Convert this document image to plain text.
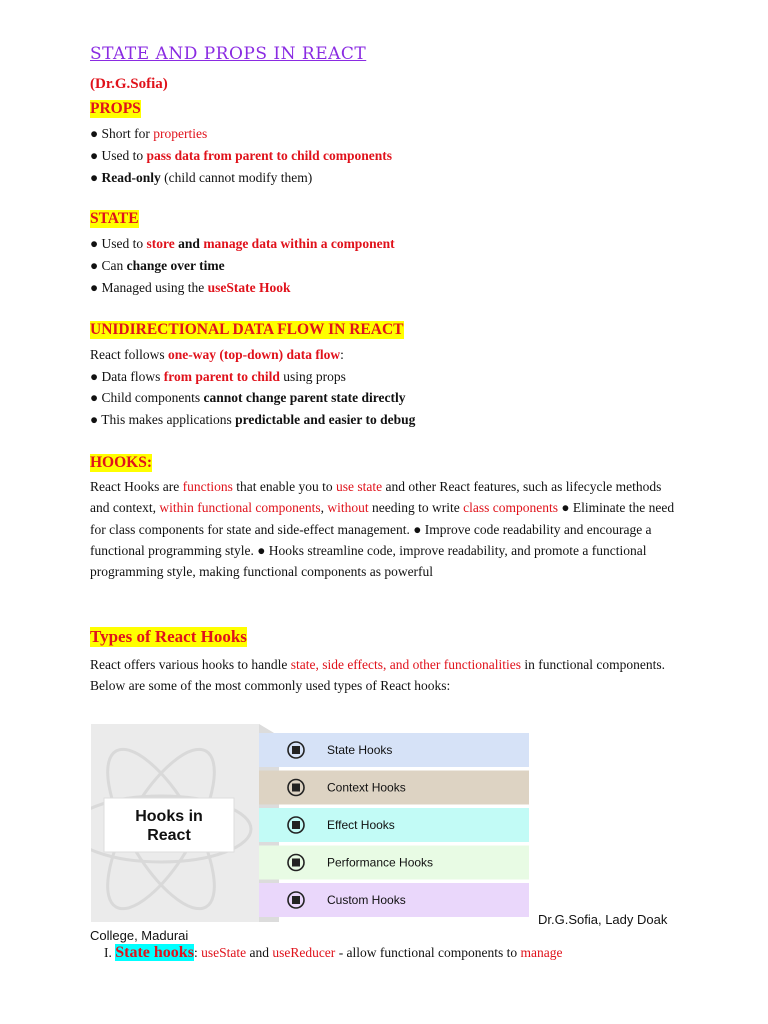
STATE AND PROPS IN REACT
(Dr.G.Sofia)
PROPS
● Short for properties
● Used to pass data from parent to child components
● Read-only (child cannot modify them)
STATE
● Used to store and manage data within a component
● Can change over time
● Managed using the useState Hook
UNIDIRECTIONAL DATA FLOW IN REACT
React follows one-way (top-down) data flow:
● Data flows from parent to child using props
● Child components cannot change parent state directly
● This makes applications predictable and easier to debug
HOOKS:
React Hooks are functions that enable you to use state and other React features, such as lifecycle methods and context, within functional components, without needing to write class components ● Eliminate the need for class components for state and side-effect management. ● Improve code readability and encourage a functional programming style. ● Hooks streamline code, improve readability, and promote a functional programming style, making functional components as powerful
Types of React Hooks
React offers various hooks to handle state, side effects, and other functionalities in functional components. Below are some of the most commonly used types of React hooks:
Hooks in
React
State Hooks
Context Hooks
Effect Hooks
Performance Hooks
Custom Hooks
Dr.G.Sofia, Lady Doak
College, Madurai
I. State hooks: useState and useReducer - allow functional components to manage
